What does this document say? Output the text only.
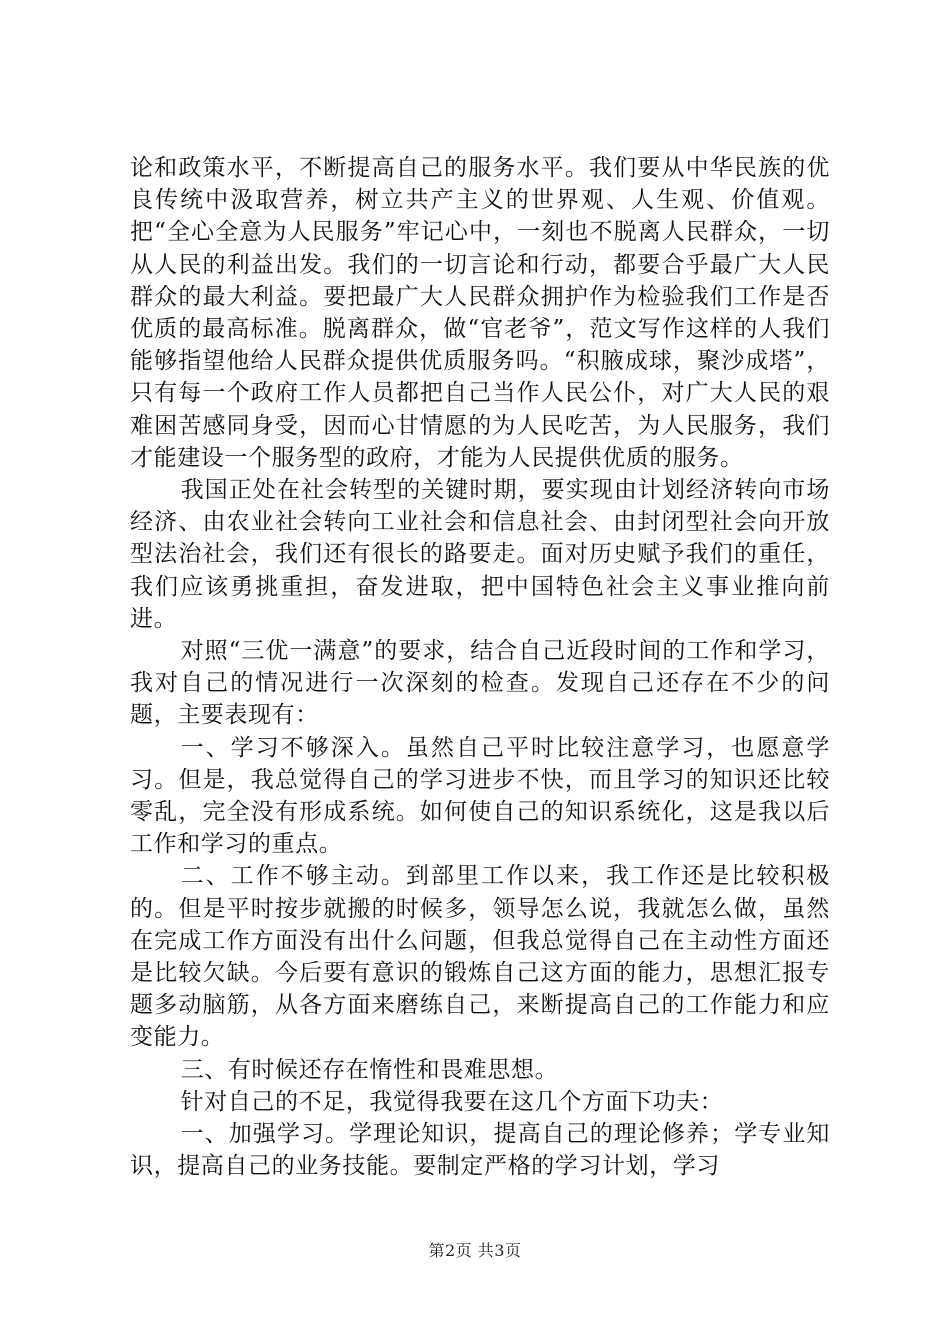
论和政策水平，不断提高自己的服务水平。我们要从中华民族的优良传统中汲取营养，树立共产主义的世界观、人生观、价值观。把“全心全意为人民服务”牢记心中，一刻也不脱离人民群众，一切从人民的利益出发。我们的一切言论和行动，都要合乎最广大人民群众的最大利益。要把最广大人民群众拥护作为检验我们工作是否优质的最高标准。脱离群众，做“官老爷”，范文写作这样的人我们能够指望他给人民群众提供优质服务吗。“积腋成球，聚沙成塔”，只有每一个政府工作人员都把自己当作人民公仆，对广大人民的艰难困苦感同身受，因而心甘情愿的为人民吃苦，为人民服务，我们才能建设一个服务型的政府，才能为人民提供优质的服务。

我国正处在社会转型的关键时期，要实现由计划经济转向市场经济、由农业社会转向工业社会和信息社会、由封闭型社会向开放型法治社会，我们还有很长的路要走。面对历史赋予我们的重任，我们应该勇挑重担，奋发进取，把中国特色社会主义事业推向前进。

对照“三优一满意”的要求，结合自己近段时间的工作和学习，我对自己的情况进行一次深刻的检查。发现自己还存在不少的问题，主要表现有：

一、学习不够深入。虽然自己平时比较注意学习，也愿意学习。但是，我总觉得自己的学习进步不快，而且学习的知识还比较零乱，完全没有形成系统。如何使自己的知识系统化，这是我以后工作和学习的重点。

二、工作不够主动。到部里工作以来，我工作还是比较积极的。但是平时按步就搬的时候多，领导怎么说，我就怎么做，虽然在完成工作方面没有出什么问题，但我总觉得自己在主动性方面还是比较欠缺。今后要有意识的锻炼自己这方面的能力，思想汇报专题多动脑筋，从各方面来磨练自己，来断提高自己的工作能力和应变能力。

三、有时候还存在惰性和畏难思想。

针对自己的不足，我觉得我要在这几个方面下功夫：

一、加强学习。学理论知识，提高自己的理论修养；学专业知识，提高自己的业务技能。要制定严格的学习计划，学习

第2页 共3页
